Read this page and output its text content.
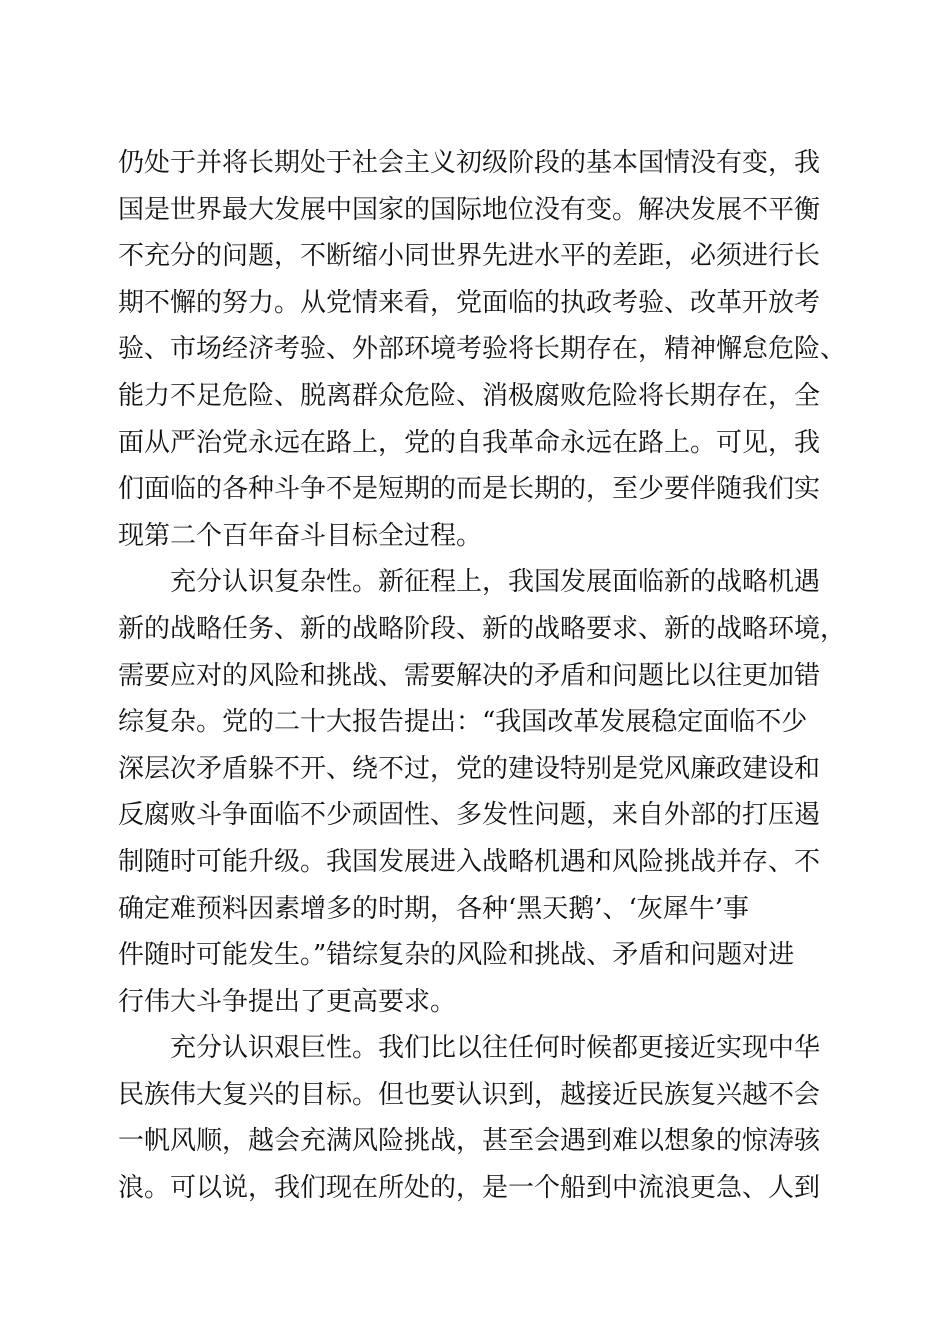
仍处于并将长期处于社会主义初级阶段的基本国情没有变，我
国是世界最大发展中国家的国际地位没有变。解决发展不平衡
不充分的问题，不断缩小同世界先进水平的差距，必须进行长
期不懈的努力。从党情来看，党面临的执政考验、改革开放考
验、市场经济考验、外部环境考验将长期存在，精神懈怠危险、
能力不足危险、脱离群众危险、消极腐败危险将长期存在，全
面从严治党永远在路上，党的自我革命永远在路上。可见，我
们面临的各种斗争不是短期的而是长期的，至少要伴随我们实
现第二个百年奋斗目标全过程。
　　充分认识复杂性。新征程上，我国发展面临新的战略机遇
新的战略任务、新的战略阶段、新的战略要求、新的战略环境，
需要应对的风险和挑战、需要解决的矛盾和问题比以往更加错
综复杂。党的二十大报告提出：“我国改革发展稳定面临不少
深层次矛盾躲不开、绕不过，党的建设特别是党风廉政建设和
反腐败斗争面临不少顽固性、多发性问题，来自外部的打压遏
制随时可能升级。我国发展进入战略机遇和风险挑战并存、不
确定难预料因素增多的时期，各种‘黑天鹅’、‘灰犀牛’事
件随时可能发生。”错综复杂的风险和挑战、矛盾和问题对进
行伟大斗争提出了更高要求。
　　充分认识艰巨性。我们比以往任何时候都更接近实现中华
民族伟大复兴的目标。但也要认识到，越接近民族复兴越不会
一帆风顺，越会充满风险挑战，甚至会遇到难以想象的惊涛骇
浪。可以说，我们现在所处的，是一个船到中流浪更急、人到
